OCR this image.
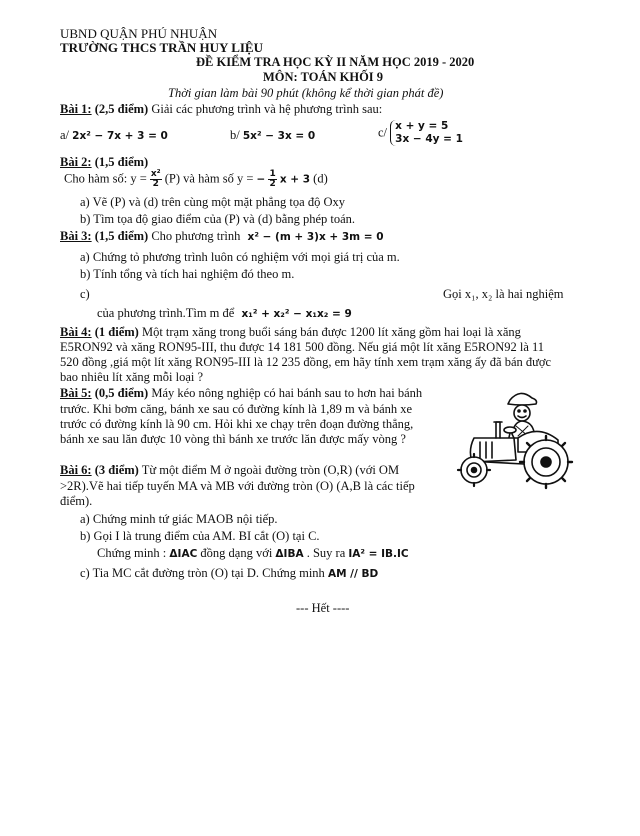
UBND QUẬN PHÚ NHUẬN
TRƯỜNG THCS TRẦN HUY LIỆU
ĐỀ KIỂM TRA HỌC KỲ II NĂM HỌC 2019 - 2020
MÔN: TOÁN KHỐI 9
Thời gian làm bài 90 phút (không kể thời gian phát đề)
Bài 1: (2,5 điểm) Giải các phương trình và hệ phương trình sau:
a/ 2x² − 7x + 3 = 0	b/ 5x² − 3x = 0	c/ x + y = 5
3x − 4y = 1
Bài 2: (1,5 điểm)
Cho hàm số: $y = \frac{\text{x²}}{2} (P)$ và hàm số y = − $\frac{1}{2}$ x + 3 (d)
a) Vẽ (P) và (d) trên cùng một mặt phẳng tọa độ Oxy
b) Tìm tọa độ giao điểm của (P) và (d) bằng phép toán.
Bài 3: (1,5 điểm) Cho phương trình x² − (m + 3)x + 3m = 0
a) Chứng tỏ phương trình luôn có nghiệm với mọi giá trị của m.
b) Tính tổng và tích hai nghiệm đó theo m.
c)	Gọi x₁, x₂ là hai nghiệm
của phương trình.Tìm m để x₁² + x₂² − x₁x₂ = 9
Bài 4: (1 điểm) Một trạm xăng trong buổi sáng bán được 1200 lít xăng gồm hai loại là xăng
E5RON92 và xăng RON95-III, thu được 14 181 500 đồng. Nếu giá một lít xăng E5RON92 là 11
520 đồng ,giá một lít xăng RON95-III là 12 235 đồng, em hãy tính xem trạm xăng ấy đã bán được
bao nhiêu lít xăng mỗi loại ?
Bài 5: (0,5 điểm) Máy kéo nông nghiệp có hai bánh sau to hơn hai bánh
trước. Khi bơm căng, bánh xe sau có đường kính là 1,89 m và bánh xe
trước có đường kính là 90 cm. Hỏi khi xe chạy trên đoạn đường thẳng,
bánh xe sau lăn được 10 vòng thì bánh xe trước lăn được mấy vòng ?
Bài 6: (3 điểm) Từ một điểm M ở ngoài đường tròn (O,R) (với OM
>2R).Vẽ hai tiếp tuyến MA và MB với đường tròn (O) (A,B là các tiếp
điểm).
a) Chứng minh tứ giác MAOB nội tiếp.
b) Gọi I là trung điểm của AM. BI cắt (O) tại C.
Chứng minh : ΔIAC đồng dạng với ΔIBA . Suy ra IA² = IB.IC
c) Tia MC cắt đường tròn (O) tại D. Chứng minh AM // BD
--- Hết ----
